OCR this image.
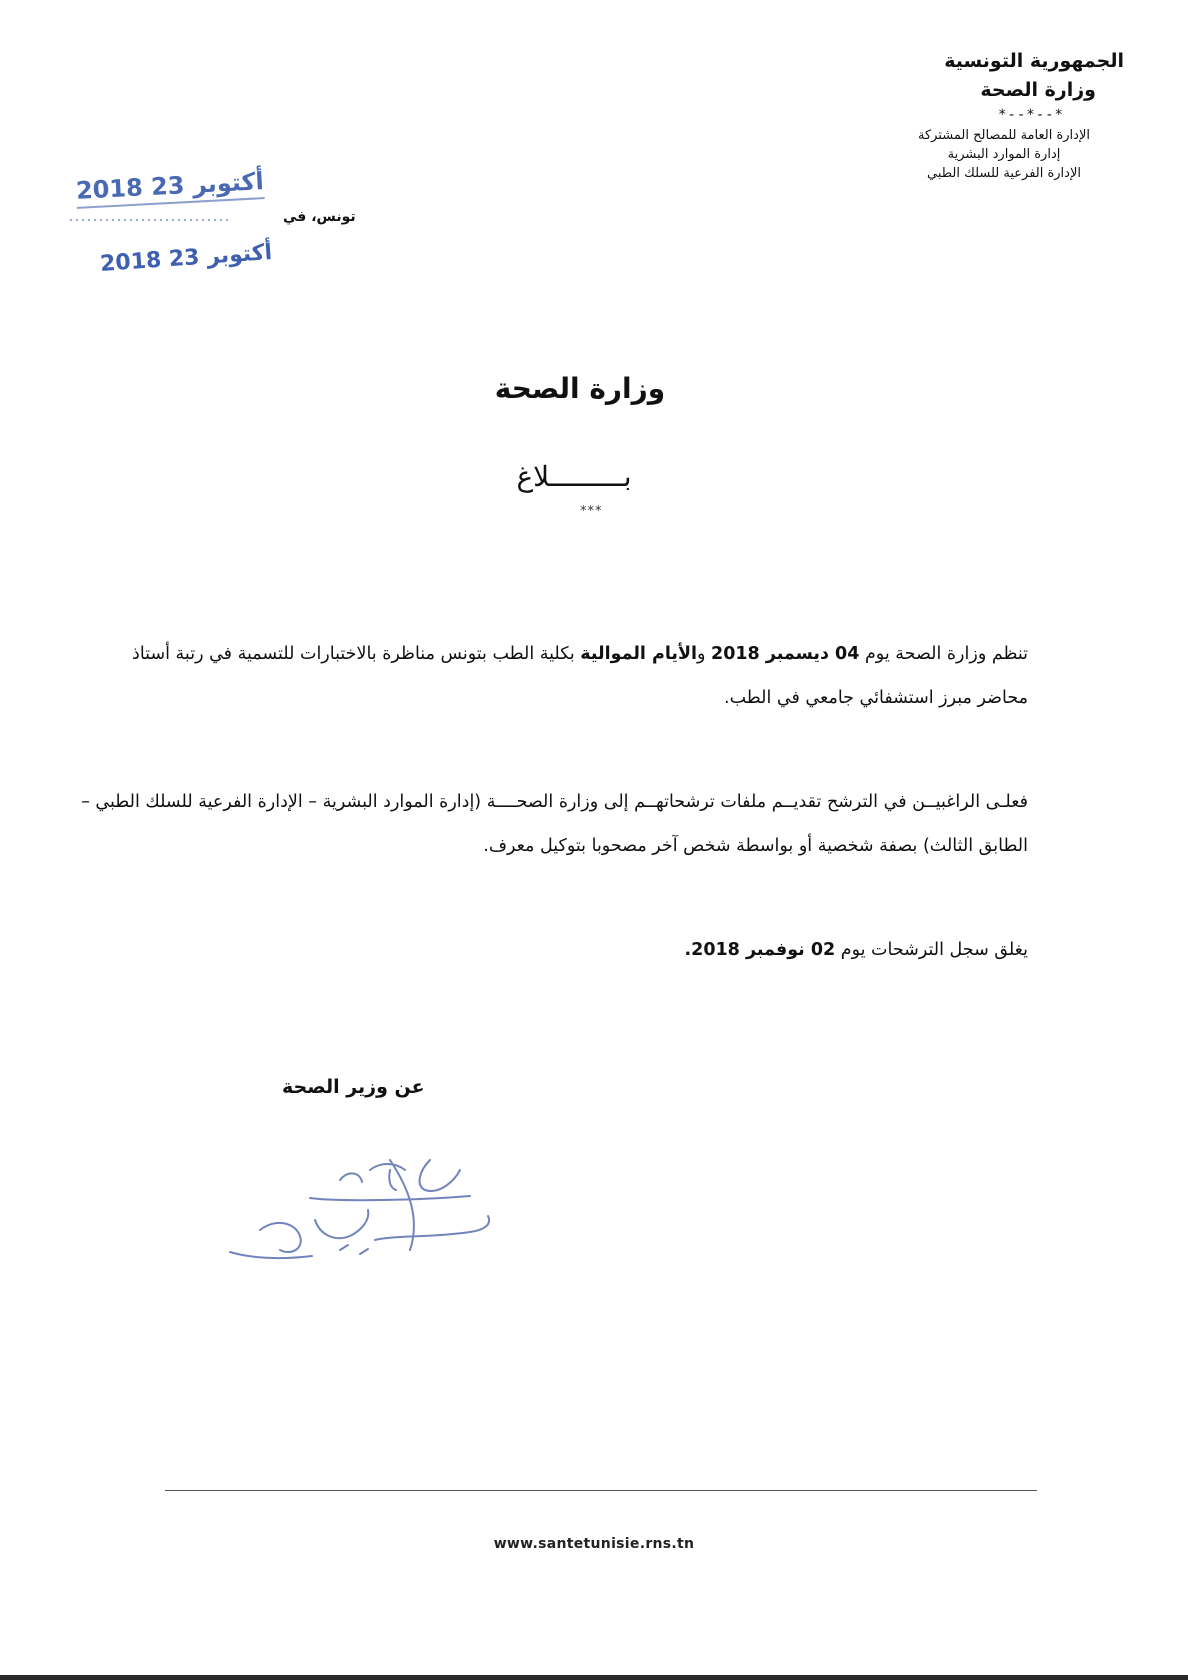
الجمهورية التونسية
وزارة الصحة
*--*--*
الإدارة العامة للمصالح المشتركة
إدارة الموارد البشرية
الإدارة الفرعية للسلك الطبي
تونس، في
2018 أكتوبر 23
2018 أكتوبر 23
وزارة الصحة
بـــــــــلاغ
***
تنظم وزارة الصحة يوم 04 ديسمبر 2018 والأيام الموالية بكلية الطب بتونس مناظرة بالاختبارات للتسمية في رتبة أستاذ محاضر مبرز استشفائي جامعي في الطب.
فعلـى الراغبيــن في الترشح تقديــم ملفات ترشحاتهــم إلى وزارة الصحــــة (إدارة الموارد البشرية – الإدارة الفرعية للسلك الطبي – الطابق الثالث) بصفة شخصية أو بواسطة شخص آخر مصحوبا بتوكيل معرف.
يغلق سجل الترشحات يوم 02 نوفمبر 2018.
عن وزير الصحة
www.santetunisie.rns.tn
